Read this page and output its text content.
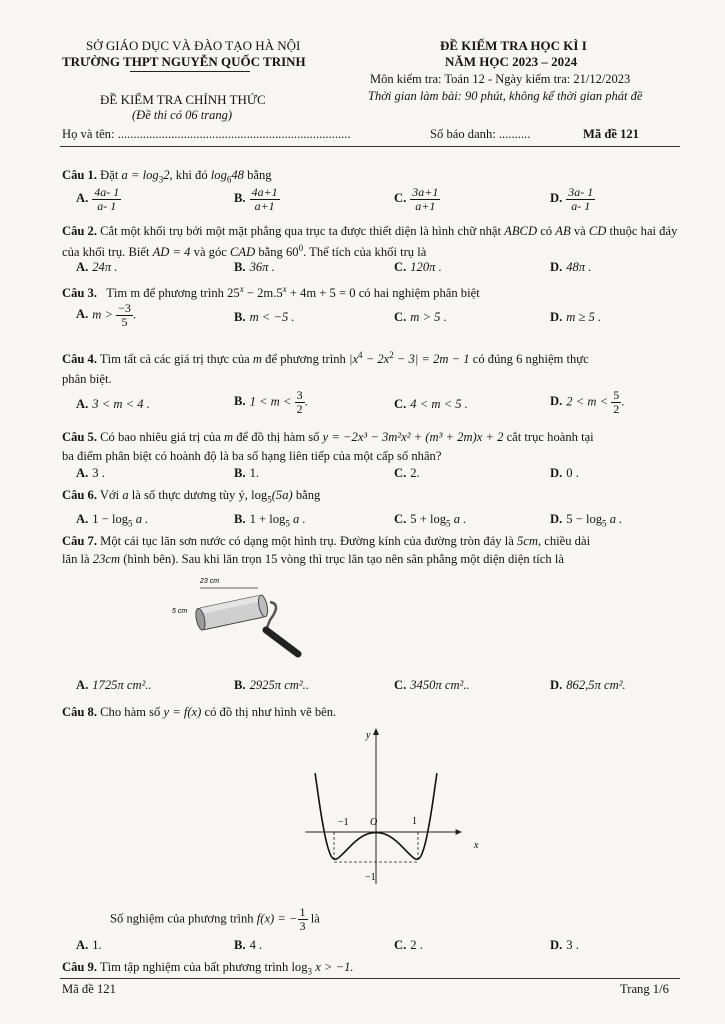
SỞ GIÁO DỤC VÀ ĐÀO TẠO HÀ NỘI
TRƯỜNG THPT NGUYỄN QUỐC TRINH
ĐỀ KIỂM TRA HỌC KÌ I
NĂM HỌC 2023 – 2024
Môn kiểm tra: Toán 12 - Ngày kiểm tra: 21/12/2023
ĐỀ KIỂM TRA CHÍNH THỨC	Thời gian làm bài: 90 phút, không kể thời gian phát đề
(Đề thi có 06 trang)
Họ và tên: ..........................................................................	Số báo danh: ..........	Mã đề 121
Câu 1. Đặt $a = \log_32$, khi đó $\log_648$ bằng
A. $\frac{4a- 1}{a- 1}$	B. $\frac{4a+1}{a+1}$	C. $\frac{3a+1}{a+1}$	D. $\frac{3a- 1}{a- 1}$
Câu 2. Cắt một khối trụ bởi một mặt phẳng qua trục ta được thiết diện là hình chữ nhật ABCD có AB và CD thuộc hai đáy của khối trụ. Biết AD = 4 và góc CAD bằng $60^0$. Thể tích của khối trụ là
A. 24π .	B. 36π .	C. 120π .	D. 48π .
Câu 3. Tìm m để phương trình $25^x - 2m.5^x + 4m + 5 = 0$ có hai nghiệm phân biệt
A. $m > \frac{-3}{5}$ .	B. m < −5 .	C. m > 5 .	D. m ≥ 5 .
Câu 4. Tìm tất cả các giá trị thực của m để phương trình $|x^4 - 2x^2 - 3| = 2m - 1$ có đúng 6 nghiệm thực
phân biệt.
A. 3 < m < 4 .	B. $1 < m < \frac{3}{2}$ .	C. 4 < m < 5 .	D. $2 < m < \frac{5}{2}$ .
Câu 5. Có bao nhiêu giá trị của m để đồ thị hàm số y = −2x³ − 3m²x² + (m³ + 2m)x + 2 cắt trục hoành tại
ba điểm phân biệt có hoành độ là ba số hạng liên tiếp của một cấp số nhân?
A. 3 .	B. 1.	C. 2.	D. 0 .
Câu 6. Với a là số thực dương tùy ý, $\log_5(5a)$ bằng
A. $1 - \log_5 a$ .	B. $1 + \log_5 a$ .	C. $5 + \log_5 a$ .	D. $5 - \log_5 a$ .
Câu 7. Một cái tục lăn sơn nước có dạng một hình trụ. Đường kính của đường tròn đáy là 5cm, chiều dài
lăn là 23cm (hình bên). Sau khi lăn trọn 15 vòng thì trục lăn tạo nên sân phẳng một diện diện tích là
23 cm
5 cm
A. 1725π cm²..	B. 2925π cm²..	C. 3450π cm²..	D. 862,5π cm².
Câu 8. Cho hàm số y = f(x) có đồ thị như hình vẽ bên.
y
x
−1 O	1
−1
Số nghiệm của phương trình f(x) = − $\frac{1}{3}$ là
A. 1.	B. 4 .	C. 2 .	D. 3 .
Câu 9. Tìm tập nghiệm của bất phương trình $\log_3 x > -1$.
Mã đề 121	Trang 1/6
